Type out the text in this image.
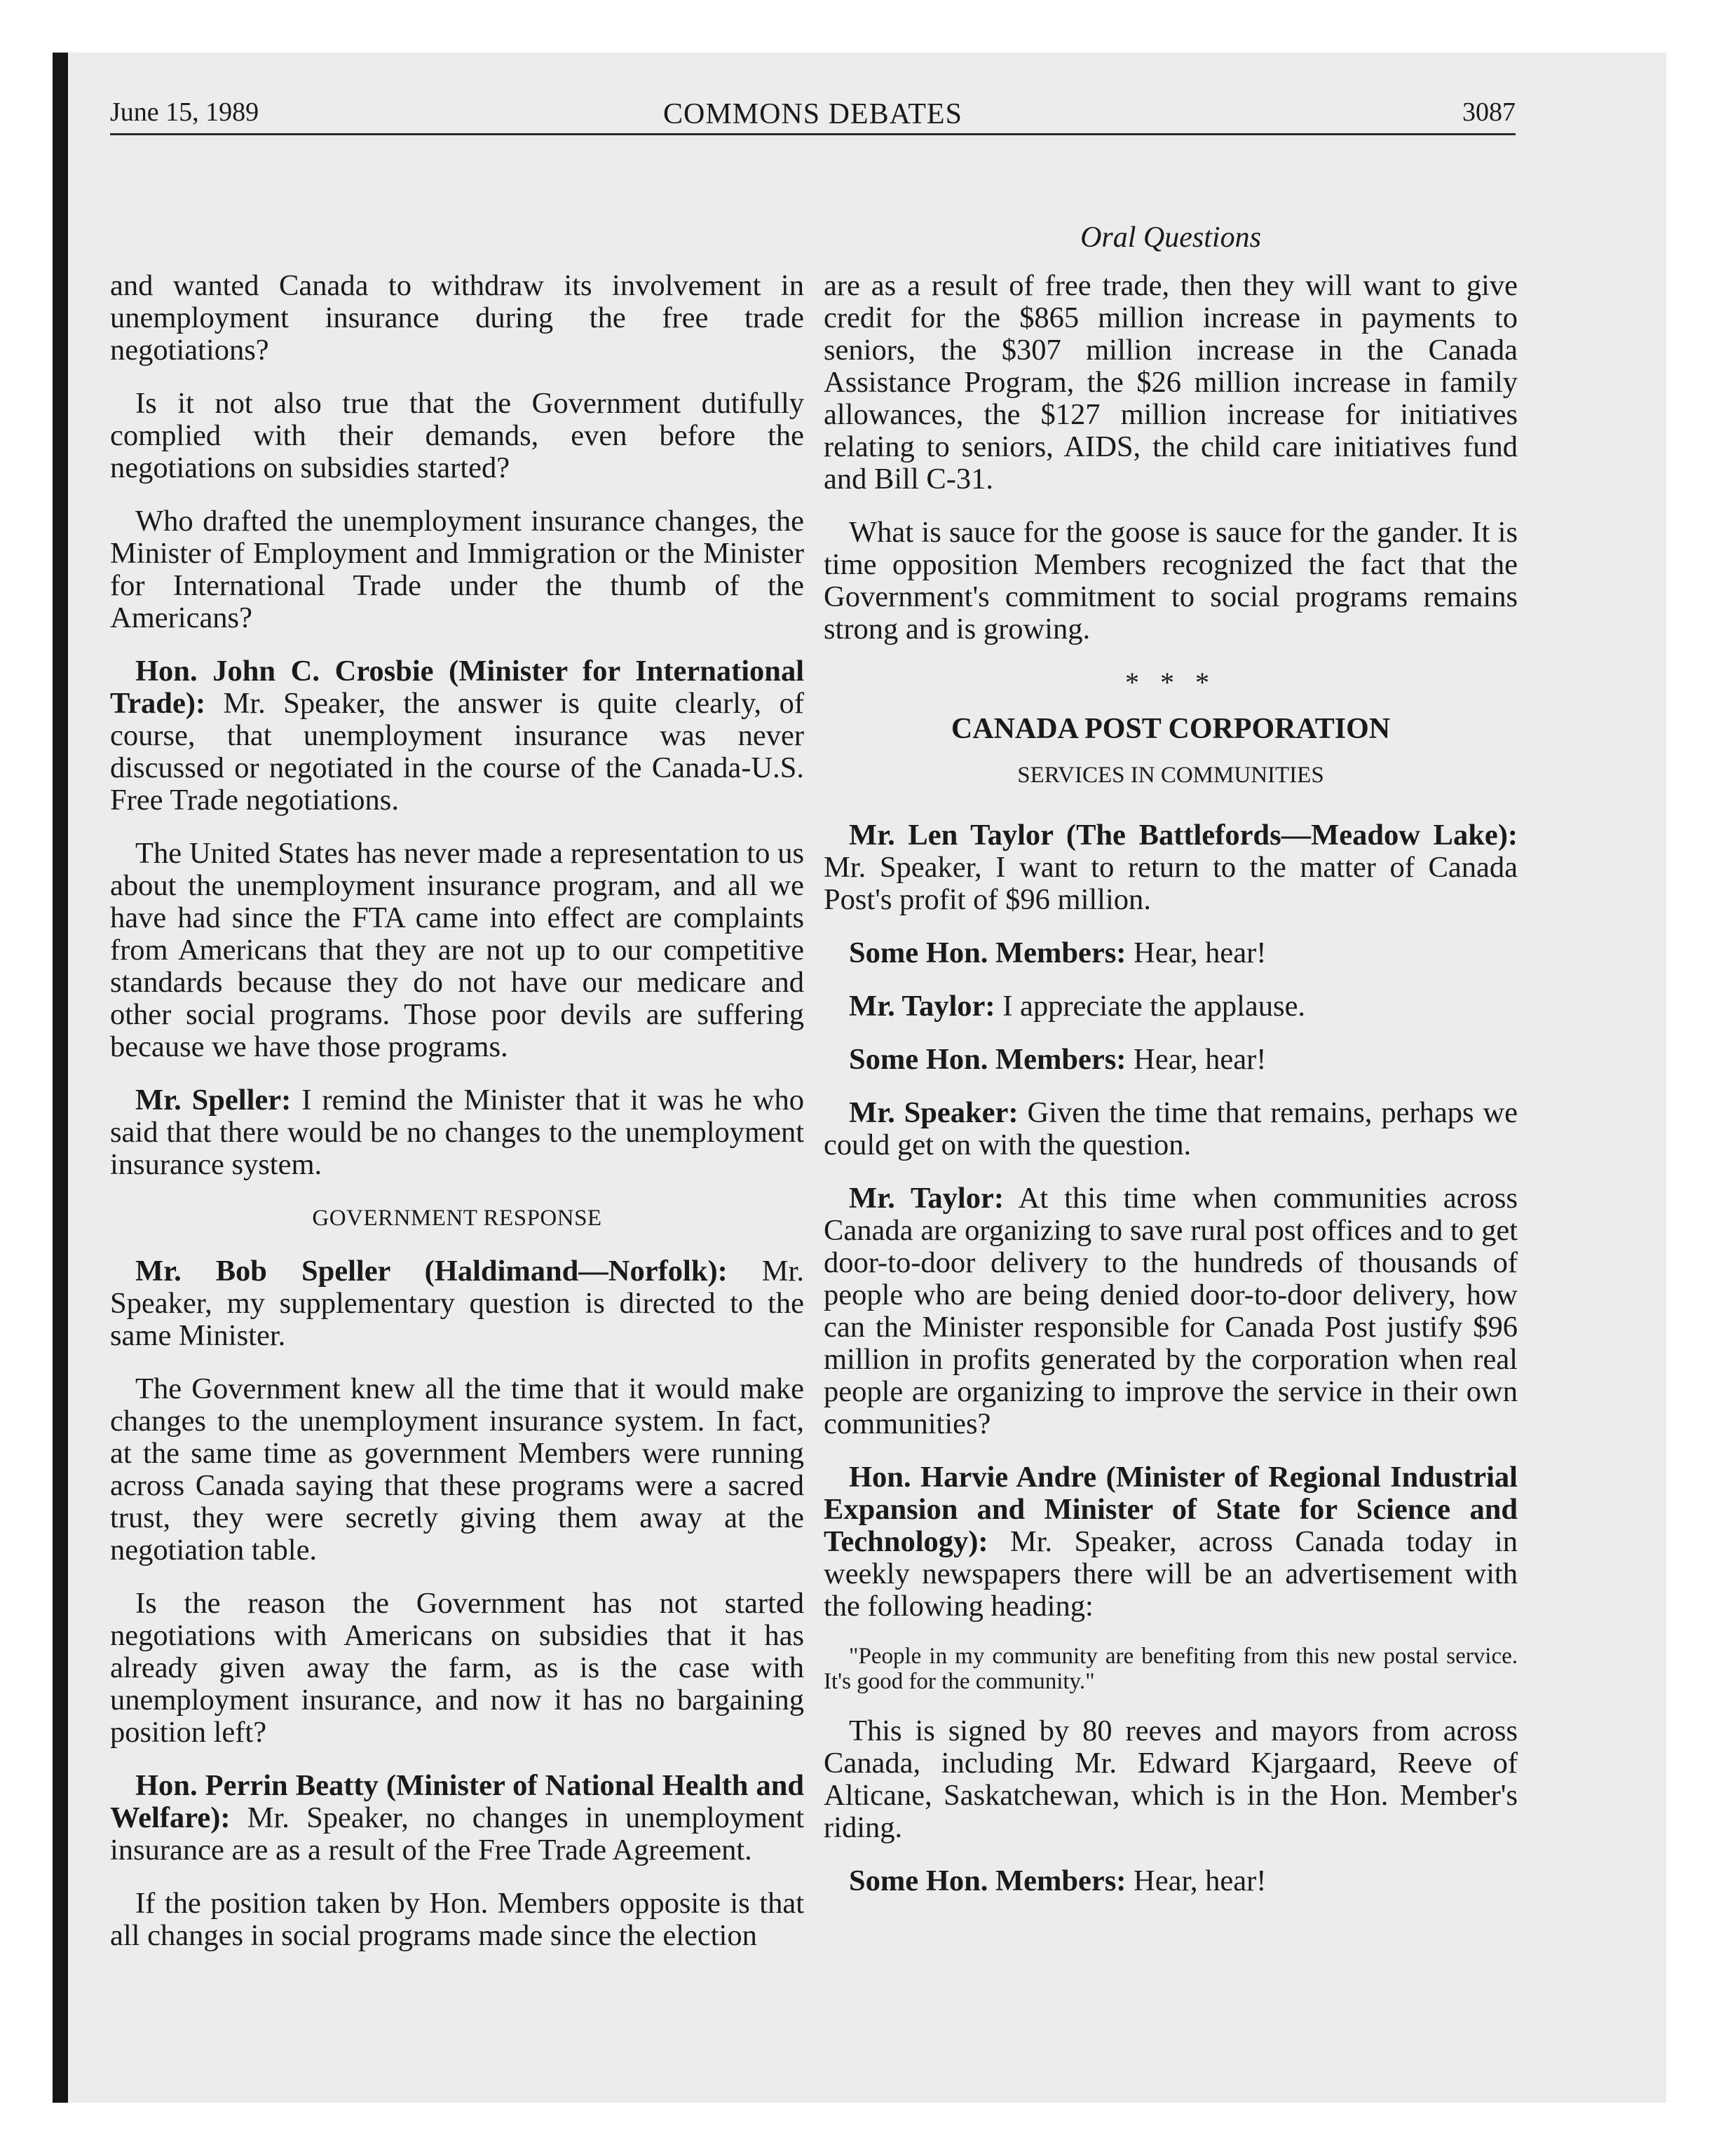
June 15, 1989	COMMONS DEBATES	3087
Oral Questions

and wanted Canada to withdraw its involvement in unemployment insurance during the free trade negotiations?

Is it not also true that the Government dutifully complied with their demands, even before the negotiations on subsidies started?

Who drafted the unemployment insurance changes, the Minister of Employment and Immigration or the Minister for International Trade under the thumb of the Americans?

Hon. John C. Crosbie (Minister for International Trade): Mr. Speaker, the answer is quite clearly, of course, that unemployment insurance was never discussed or negotiated in the course of the Canada-U.S. Free Trade negotiations.

The United States has never made a representation to us about the unemployment insurance program, and all we have had since the FTA came into effect are complaints from Americans that they are not up to our competitive standards because they do not have our medicare and other social programs. Those poor devils are suffering because we have those programs.

Mr. Speller: I remind the Minister that it was he who said that there would be no changes to the unemployment insurance system.

GOVERNMENT RESPONSE

Mr. Bob Speller (Haldimand—Norfolk): Mr. Speaker, my supplementary question is directed to the same Minister.

The Government knew all the time that it would make changes to the unemployment insurance system. In fact, at the same time as government Members were running across Canada saying that these programs were a sacred trust, they were secretly giving them away at the negotiation table.

Is the reason the Government has not started negotiations with Americans on subsidies that it has already given away the farm, as is the case with unemployment insurance, and now it has no bargaining position left?

Hon. Perrin Beatty (Minister of National Health and Welfare): Mr. Speaker, no changes in unemployment insurance are as a result of the Free Trade Agreement.

If the position taken by Hon. Members opposite is that all changes in social programs made since the election

are as a result of free trade, then they will want to give credit for the $865 million increase in payments to seniors, the $307 million increase in the Canada Assistance Program, the $26 million increase in family allowances, the $127 million increase for initiatives relating to seniors, AIDS, the child care initiatives fund and Bill C-31.

What is sauce for the goose is sauce for the gander. It is time opposition Members recognized the fact that the Government's commitment to social programs remains strong and is growing.

* * *
CANADA POST CORPORATION
SERVICES IN COMMUNITIES

Mr. Len Taylor (The Battlefords—Meadow Lake): Mr. Speaker, I want to return to the matter of Canada Post's profit of $96 million.

Some Hon. Members: Hear, hear!

Mr. Taylor: I appreciate the applause.

Some Hon. Members: Hear, hear!

Mr. Speaker: Given the time that remains, perhaps we could get on with the question.

Mr. Taylor: At this time when communities across Canada are organizing to save rural post offices and to get door-to-door delivery to the hundreds of thousands of people who are being denied door-to-door delivery, how can the Minister responsible for Canada Post justify $96 million in profits generated by the corporation when real people are organizing to improve the service in their own communities?

Hon. Harvie Andre (Minister of Regional Industrial Expansion and Minister of State for Science and Technology): Mr. Speaker, across Canada today in weekly newspapers there will be an advertisement with the following heading:

"People in my community are benefiting from this new postal service. It's good for the community."

This is signed by 80 reeves and mayors from across Canada, including Mr. Edward Kjargaard, Reeve of Alticane, Saskatchewan, which is in the Hon. Member's riding.

Some Hon. Members: Hear, hear!
